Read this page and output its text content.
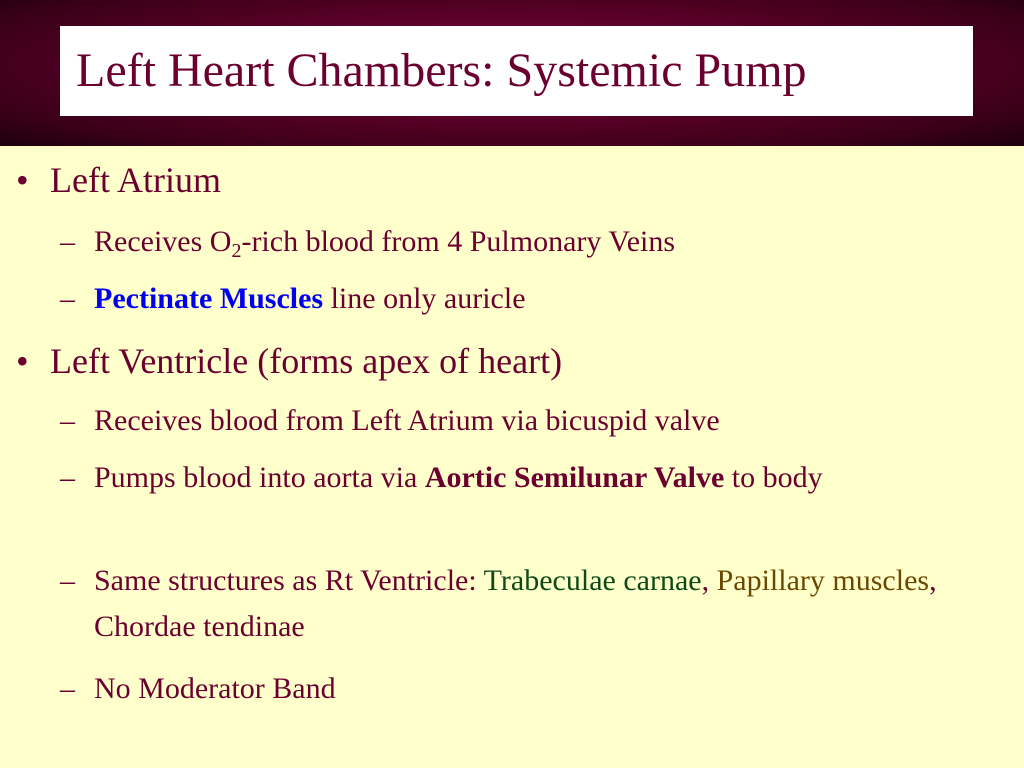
Left Heart Chambers: Systemic Pump
• Left Atrium
– Receives $O_2$-rich blood from 4 Pulmonary Veins
– Pectinate Muscles line only auricle
• Left Ventricle (forms apex of heart)
– Receives blood from Left Atrium via bicuspid valve
– Pumps blood into aorta via Aortic Semilunar Valve to body
– Same structures as Rt Ventricle: Trabeculae carnae, Papillary muscles, Chordae tendinae
– No Moderator Band
